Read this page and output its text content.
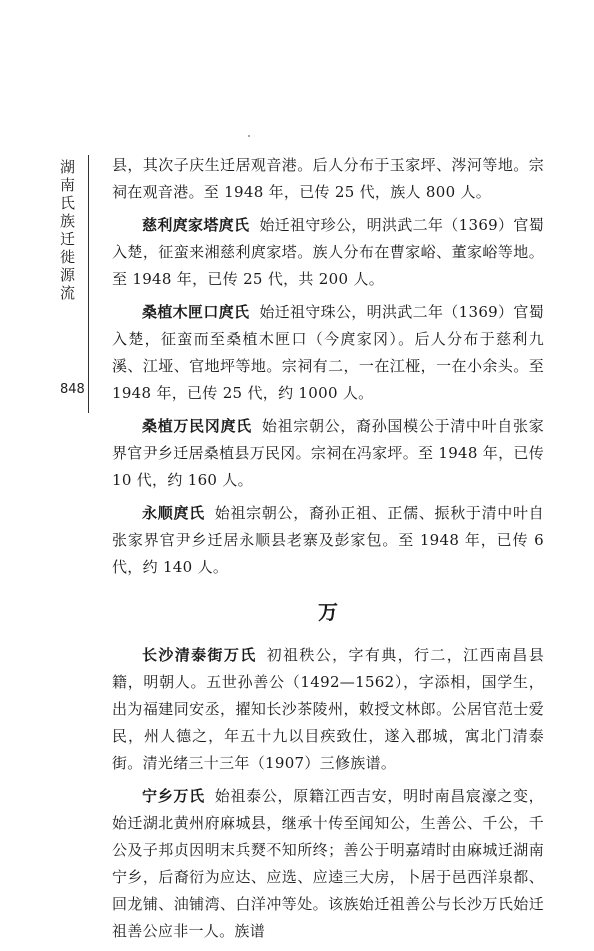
湖南氏族迁徙源流
848

县，其次子庆生迁居观音港。后人分布于玉家坪、涔河等地。宗祠在观音港。至 1948 年，已传 25 代，族人 800 人。

慈利庹家塔庹氏 始迁祖守珍公，明洪武二年（1369）官蜀入楚，征蛮来湘慈利庹家塔。族人分布在曹家峪、董家峪等地。至 1948 年，已传 25 代，共 200 人。

桑植木匣口庹氏 始迁祖守珠公，明洪武二年（1369）官蜀入楚，征蛮而至桑植木匣口（今庹家冈）。后人分布于慈利九溪、江垭、官地坪等地。宗祠有二，一在江桠，一在小余头。至 1948 年，已传 25 代，约 1000 人。

桑植万民冈庹氏 始祖宗朝公，裔孙国模公于清中叶自张家界官尹乡迁居桑植县万民冈。宗祠在冯家坪。至 1948 年，已传 10 代，约 160 人。

永顺庹氏 始祖宗朝公，裔孙正祖、正儒、振秋于清中叶自张家界官尹乡迁居永顺县老寨及彭家包。至 1948 年，已传 6 代，约 140 人。

万

长沙清泰街万氏 初祖秩公，字有典，行二，江西南昌县籍，明朝人。五世孙善公（1492—1562），字添相，国学生，出为福建同安丞，擢知长沙茶陵州，敕授文林郎。公居官范士爱民，州人德之，年五十九以目疾致仕，遂入郡城，寓北门清泰街。清光绪三十三年（1907）三修族谱。

宁乡万氏 始祖泰公，原籍江西吉安，明时南昌宸濠之变，始迁湖北黄州府麻城县，继承十传至闻知公，生善公、千公，千公及子邦贞因明末兵燹不知所终；善公于明嘉靖时由麻城迁湖南宁乡，后裔衍为应达、应选、应逵三大房，卜居于邑西洋泉都、回龙铺、油铺湾、白洋冲等处。该族始迁祖善公与长沙万氏始迁祖善公应非一人。族谱
